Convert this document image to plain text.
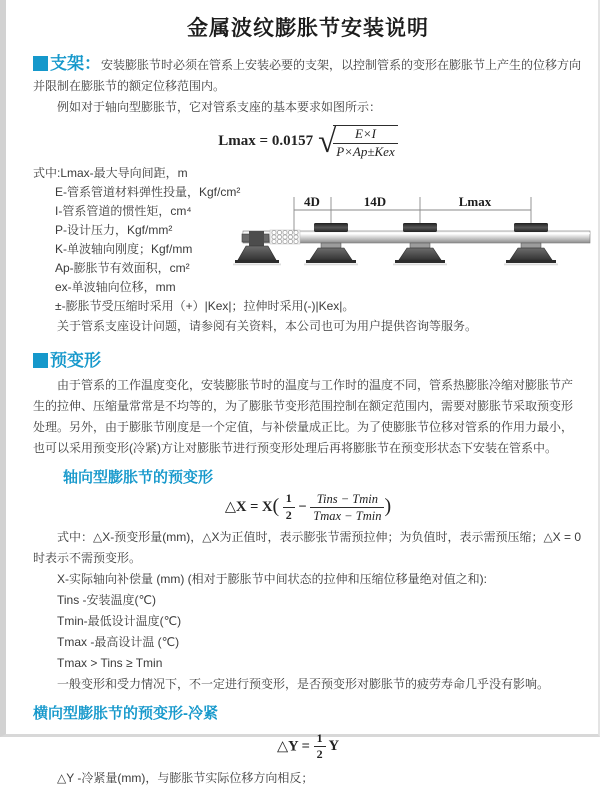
金属波纹膨胀节安装说明

支架：安装膨胀节时必须在管系上安装必要的支架，以控制管系的变形在膨胀节上产生的位移方向并限制在膨胀节的额定位移范围内。

例如对于轴向型膨胀节，它对管系支座的基本要求如图所示：

Lmax = 0.0157 √
$\frac{E\times I}{\text{P×Ap±Kex}}$
式中:Lmax-最大导向间距，m
E-管系管道材料弹性投量，Kgf/cm²
I-管系管道的惯性矩，cm⁴
P-设计压力，Kgf/mm²
K-单波轴向刚度；Kgf/mm
Ap-膨胀节有效面积，cm²
ex-单波轴向位移，mm
±-膨胀节受压缩时采用（+）|Kex|；拉伸时采用(-)|Kex|。
4D	14D	Lmax

关于管系支座设计问题，请参阅有关资料，本公司也可为用户提供咨询等服务。

预变形

由于管系的工作温度变化，安装膨胀节时的温度与工作时的温度不同，管系热膨胀冷缩对膨胀节产生的拉伸、压缩量常常是不均等的，为了膨胀节变形范围控制在额定范围内，需要对膨胀节采取预变形处理。另外，由于膨胀节刚度是一个定值，与补偿量成正比。为了使膨胀节位移对管系的作用力最小，也可以采用预变形(冷紧)方让对膨胀节进行预变形处理后再将膨胀节在预变形状态下安装在管系中。

轴向型膨胀节的预变形
△X = $X( \frac{1}{2} - \frac{\text{Tins − Tmin}}{Tmax - Tmin}$ )

式中：△X-预变形量(mm)，△X为正值时，表示膨张节需预拉伸；为负值时，表示需预压缩；△X = 0时表示不需预变形。

X-实际轴向补偿量 (mm) (相对于膨胀节中间状态的拉伸和压缩位移量绝对值之和):
Tins -安装温度(℃)
Tmin-最低设计温度(℃)
Tmax -最高设计温 (℃)
Tmax > Tins ≥ Tmin

一般变形和受力情况下，不一定进行预变形，是否预变形对膨胀节的疲劳寿命几乎没有影响。

横向型膨胀节的预变形-冷紧
△Y = $\frac{1}{2}$ Y

△Y -冷紧量(mm)，与膨胀节实际位移方向相反；
